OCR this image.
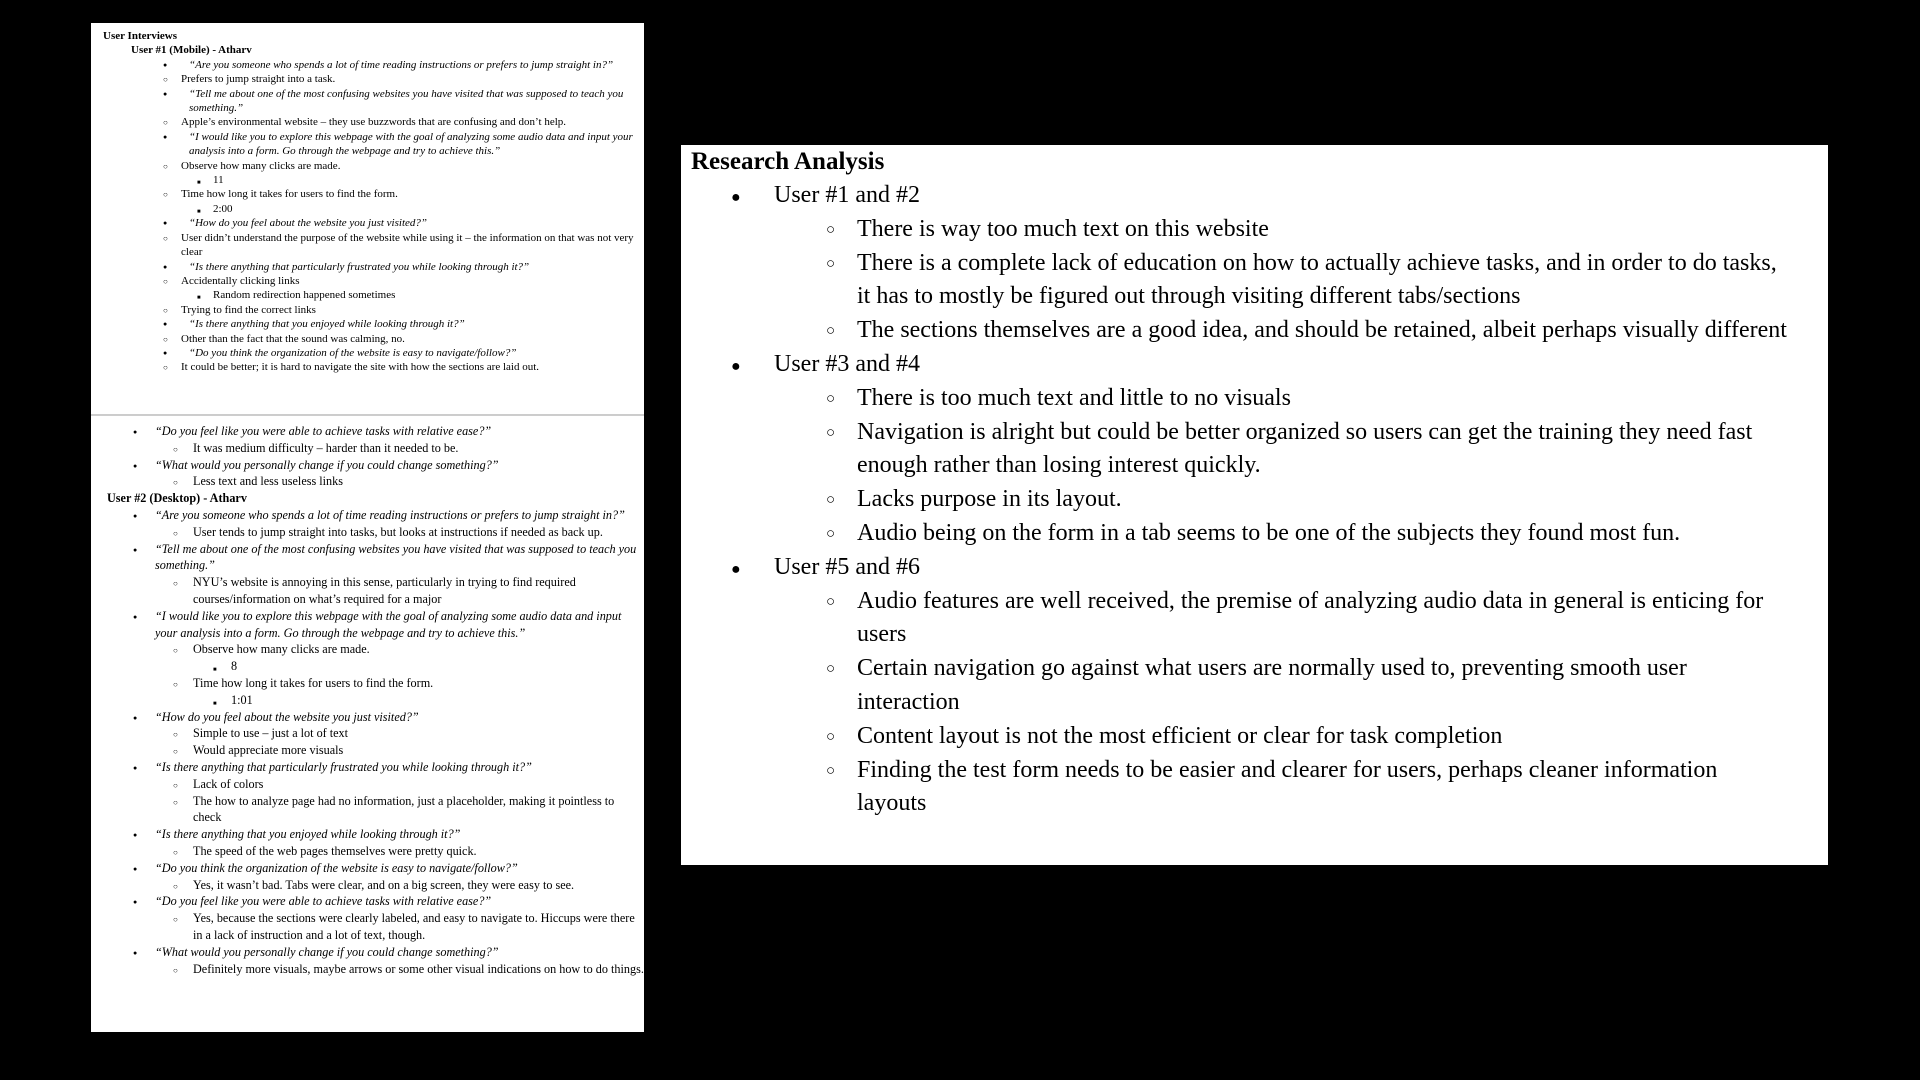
User Interviews
User #1 (Mobile) - Atharv
● “Are you someone who spends a lot of time reading instructions or prefers to jump straight in?”
○ Prefers to jump straight into a task.
● “Tell me about one of the most confusing websites you have visited that was supposed to teach you something.”
○ Apple’s environmental website – they use buzzwords that are confusing and don’t help.
● “I would like you to explore this webpage with the goal of analyzing some audio data and input your analysis into a form. Go through the webpage and try to achieve this.”
○ Observe how many clicks are made.
■ 11
○ Time how long it takes for users to find the form.
■ 2:00
● “How do you feel about the website you just visited?”
○ User didn’t understand the purpose of the website while using it – the information on that was not very clear
● “Is there anything that particularly frustrated you while looking through it?”
○ Accidentally clicking links
■ Random redirection happened sometimes
○ Trying to find the correct links
● “Is there anything that you enjoyed while looking through it?”
○ Other than the fact that the sound was calming, no.
● “Do you think the organization of the website is easy to navigate/follow?”
○ It could be better; it is hard to navigate the site with how the sections are laid out.
● “Do you feel like you were able to achieve tasks with relative ease?”
○ It was medium difficulty – harder than it needed to be.
● “What would you personally change if you could change something?”
○ Less text and less useless links
User #2 (Desktop) - Atharv
● “Are you someone who spends a lot of time reading instructions or prefers to jump straight in?”
○ User tends to jump straight into tasks, but looks at instructions if needed as back up.
● “Tell me about one of the most confusing websites you have visited that was supposed to teach you something.”
○ NYU’s website is annoying in this sense, particularly in trying to find required courses/information on what’s required for a major
● “I would like you to explore this webpage with the goal of analyzing some audio data and input your analysis into a form. Go through the webpage and try to achieve this.”
○ Observe how many clicks are made.
■ 8
○ Time how long it takes for users to find the form.
■ 1:01
● “How do you feel about the website you just visited?”
○ Simple to use – just a lot of text
○ Would appreciate more visuals
● “Is there anything that particularly frustrated you while looking through it?”
○ Lack of colors
○ The how to analyze page had no information, just a placeholder, making it pointless to check
● “Is there anything that you enjoyed while looking through it?”
○ The speed of the web pages themselves were pretty quick.
● “Do you think the organization of the website is easy to navigate/follow?”
○ Yes, it wasn’t bad. Tabs were clear, and on a big screen, they were easy to see.
● “Do you feel like you were able to achieve tasks with relative ease?”
○ Yes, because the sections were clearly labeled, and easy to navigate to. Hiccups were there in a lack of instruction and a lot of text, though.
● “What would you personally change if you could change something?”
○ Definitely more visuals, maybe arrows or some other visual indications on how to do things.
Research Analysis
● User #1 and #2
○ There is way too much text on this website
○ There is a complete lack of education on how to actually achieve tasks, and in order to do tasks, it has to mostly be figured out through visiting different tabs/sections
○ The sections themselves are a good idea, and should be retained, albeit perhaps visually different
● User #3 and #4
○ There is too much text and little to no visuals
○ Navigation is alright but could be better organized so users can get the training they need fast enough rather than losing interest quickly.
○ Lacks purpose in its layout.
○ Audio being on the form in a tab seems to be one of the subjects they found most fun.
● User #5 and #6
○ Audio features are well received, the premise of analyzing audio data in general is enticing for users
○ Certain navigation go against what users are normally used to, preventing smooth user interaction
○ Content layout is not the most efficient or clear for task completion
○ Finding the test form needs to be easier and clearer for users, perhaps cleaner information layouts
